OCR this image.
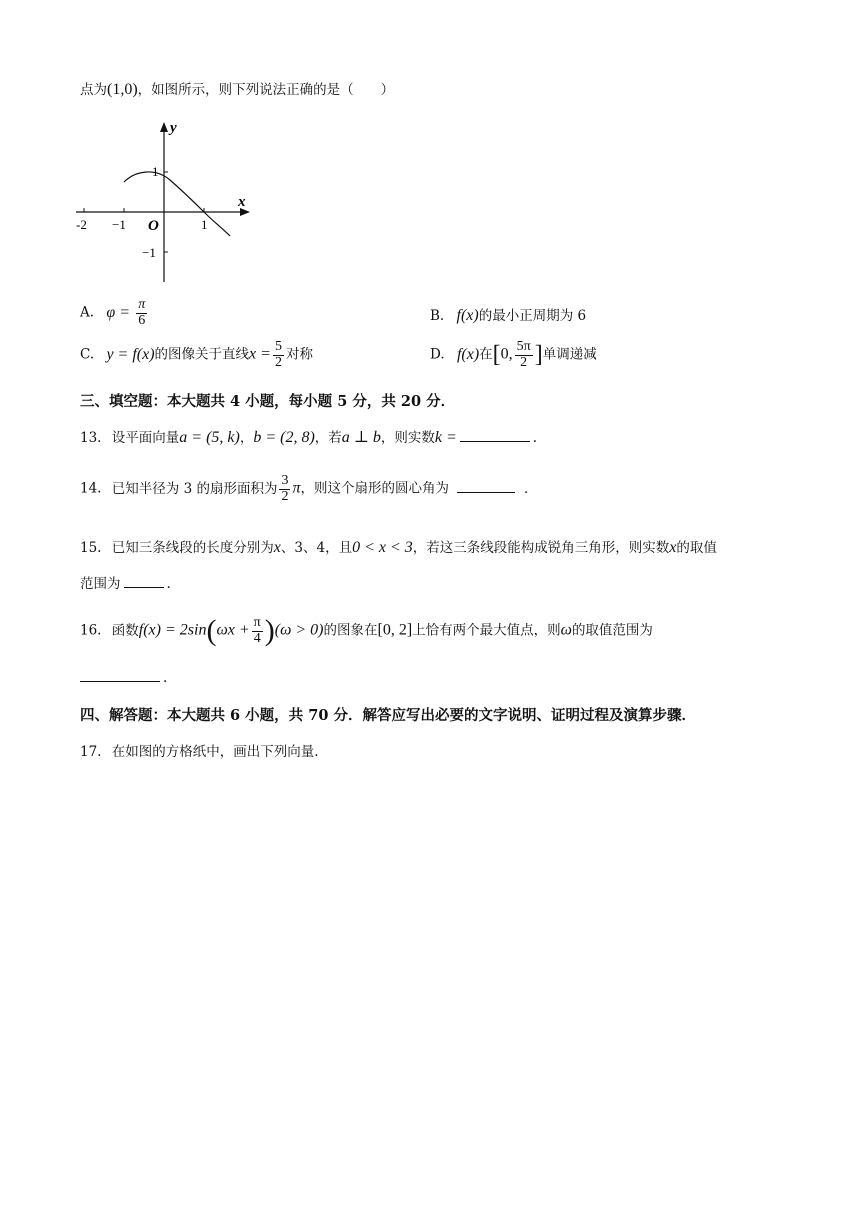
点为(1,0)，如图所示，则下列说法正确的是（　　）
y
x
O
-2 −1	1
1
−1
A. $\varphi = \frac{\pi}{6}$	B. f(x)的最小正周期为 6
C. y = f(x)的图像关于直线$x = \frac{5}{2}$ 对称	D. f(x)在[0, $\frac{5\pi}{2}$ ]单调递减
三、填空题：本大题共 4 小题，每小题 5 分，共 20 分．
13. 设平面向量a = (5, k)，b = (2, 8)，若a ⊥ b，则实数k =	.
14. 已知半径为 3 的扇形面积为 $\frac{3}{2}$ π，则这个扇形的圆心角为	．
15. 已知三条线段的长度分别为x、3、4，且0 < x < 3，若这三条线段能构成锐角三角形，则实数x的取值
范围为	.
16. 函数$f(x) = 2\sin(\omega x + \frac{\pi}{4} )(\omega > 0)$的图象在[0, 2]上恰有两个最大值点，则ω的取值范围为
.
四、解答题：本大题共 6 小题，共 70 分．解答应写出必要的文字说明、证明过程及演算步骤．
17. 在如图的方格纸中，画出下列向量.
